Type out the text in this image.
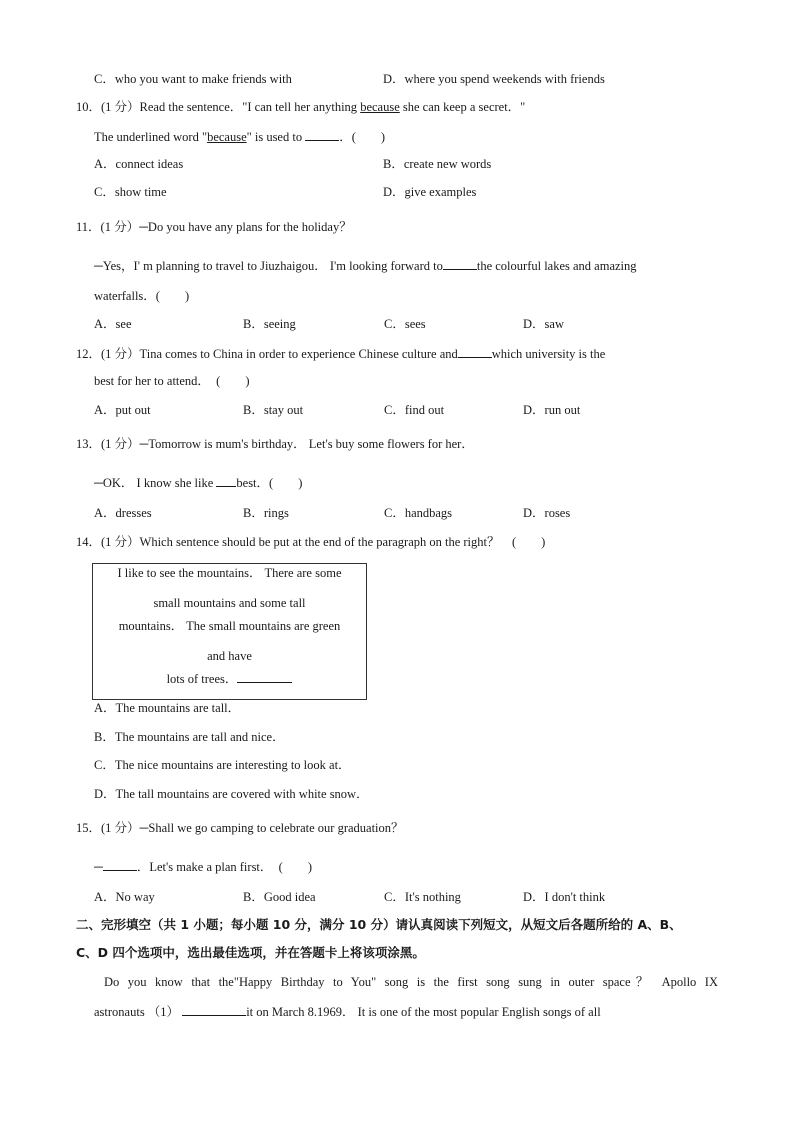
C．who you want to make friends with	D．where you spend weekends with friends
10．(1 分）Read the sentence．"I can tell her anything because she can keep a secret．"
The underlined word "because" is used to	．(　　)
A．connect ideas	B．create new words
C．show time	D．give examples
11．(1 分）─Do you have any plans for the holiday？
─Yes，I' m planning to travel to Jiuzhaigou． I'm looking forward to	the colourful lakes and amazing
waterfalls．(　　)
A．see	B．seeing	C．sees	D．saw
12．(1 分）Tina comes to China in order to experience Chinese culture and	which university is the
best for her to attend．　(　　)
A．put out	B．stay out	C．find out	D．run out
13．(1 分）─Tomorrow is mum's birthday． Let's buy some flowers for her．
─OK． I know she like best．(　　)
A．dresses	B．rings	C．handbags	D．roses
14．(1 分）Which sentence should be put at the end of the paragraph on the right？　(　　)
I like to see the mountains． There are some
small mountains and some tall
mountains． The small mountains are green
and have
lots of trees．
A．The mountains are tall．
B．The mountains are tall and nice．
C．The nice mountains are interesting to look at．
D．The tall mountains are covered with white snow．
15．(1 分）─Shall we go camping to celebrate our graduation？
─	．Let's make a plan first．　(　　)
A．No way	B．Good idea	C．It's nothing	D．I don't think
二、完形填空（共 1 小题；每小题 10 分，满分 10 分）请认真阅读下列短文，从短文后各题所给的 A、B、
C、D 四个选项中，选出最佳选项，并在答题卡上将该项涂黑。
Do you know that the"Happy Birthday to You" song is the first song sung in outer space？ Apollo IX
astronauts （1）	it on March 8.1969． It is one of the most popular English songs of all
